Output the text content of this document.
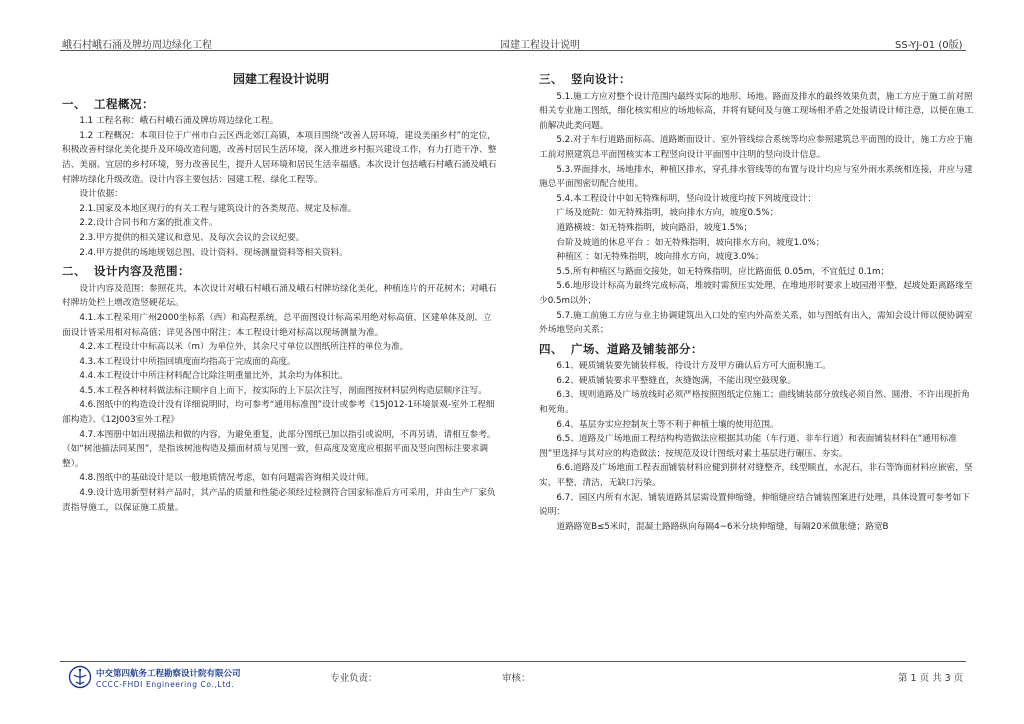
峨石村峨石涌及牌坊周边绿化工程	园建工程设计说明	SS-YJ-01 (0版)

园建工程设计说明

一、 工程概况：

1.1 工程名称：峨石村峨石涌及牌坊周边绿化工程。

1.2 工程概况：本项目位于广州市白云区西北郊江高镇，本项目围绕“改善人居环境，建设美丽乡村”的定位，积极改善村绿化美化提升及环境改造问题，改善村居民生活环境，深入推进乡村振兴建设工作，有力打造干净、整洁、美丽、宜居的乡村环境，努力改善民生，提升人居环境和居民生活幸福感。本次设计包括峨石村峨石涌及峨石村牌坊绿化升级改造。设计内容主要包括：园建工程、绿化工程等。

设计依据：

2.1.国家及本地区现行的有关工程与建筑设计的各类规范、规定及标准。

2.2.设计合同书和方案的批准文件。

2.3.甲方提供的相关建议和意见、及每次会议的会议纪要。

2.4.甲方提供的场地规划总图、设计资料、现场测量资料等相关资料。

二、 设计内容及范围：

设计内容及范围：参照花共，本次设计对峨石村峨石涌及峨石村牌坊绿化美化，种植连片的开花树木；对峨石村牌坊处栏上增改造竖硬花坛。

4.1.本工程采用广州2000坐标系（西）和高程系统，总平面图设计标高采用绝对标高值，区建单体及剖、立面设计皆采用相对标高值；详见各图中附注；本工程设计绝对标高以现场测量为准。

4.2.本工程设计中标高以米（m）为单位外，其余尺寸单位以图纸所注样的单位为准。

4.3.本工程设计中所指回填度面均指高于完成面的高度。

4.4.本工程设计中所注材料配合比除注明重量比外，其余均为体积比。

4.5.本工程各种材料做法标注顺序自上而下，按实际的上下层次注写，剖面图按材料层列构造层顺序注写。

4.6.图纸中的构造设计没有详细说明时，均可参考“通用标准图”设计或参考《15J012-1环境景观-室外工程细部构造》、《12J003室外工程》

4.7.本图册中如出现描法和做的内容，为避免重复，此部分图纸已加以指引或说明，不再另请，请相互参考。（如“树池描法同某图”，是指该树池构造及描面材质与见图一致，但高度及宽度应根据平面及竖向图标注要求调整）。

4.8.图纸中的基础设计是以一般地质情况考虑，如有问题需咨询相关设计师。

4.9.设计选用新型材料产品时，其产品的质量和性能必须经过检测符合国家标准后方可采用，并由生产厂家负责指导施工，以保证施工质量。

三、 竖向设计：

5.1.施工方应对整个设计范围内最终实际的地形、场地、路面及排水的最终效果负责，施工方应于施工前对照相关专业施工图纸，细化核实相应的场地标高，并将有疑问及与施工现场相矛盾之处报请设计师注意，以便在施工前解决此类问题。

5.2.对于车行道路面标高、道路断面设计、室外管线综合系统等均应参照建筑总平面图的设计，施工方应于施工前对照建筑总平面图核实本工程竖向设计平面图中注明的竖向设计信息。

5.3.界面排水，场地排水，种植区排水，穿孔排水管线等的布置与设计均应与室外雨水系统相连接，并应与建施总平面图密切配合使用。

5.4.本工程设计中如无特殊标明，竖向设计坡度均按下列坡度设计：

广场及庭院：如无特殊指明，坡向排水方向，坡度0.5%；

道路横坡：如无特殊指明，坡向路沿，坡度1.5%；

台阶及坡道的休息平台 ：如无特殊指明，坡向排水方向，坡度1.0%；

种植区 ：如无特殊指明，坡向排水方向，坡度3.0%；

5.5.所有种植区与路面交接处，如无特殊指明，应比路面低 0.05m，不宜低过 0.1m；

5.6.地形设计标高为最终完成标高，堆坡时需预压实处理，在堆地形时要求上坡园滑平整，起坡处距离路缘至少0.5m以外；

5.7.施工前施工方应与业主协调建筑出入口处的室内外高差关系，如与图纸有出入，需知会设计师以便协调室外场地竖向关系；

四、 广场、道路及铺装部分：

6.1、硬质铺装要先铺装样板，待设计方及甲方确认后方可大面积施工。

6.2、硬质铺装要求平整缝直，灰缝饱满，不能出现空鼓现象。

6.3、规则道路及广场放线时必须严格按照图纸定位施工；曲线铺装部分放线必须自然、圆滑、不许出现折角和死角。

6.4、基层夯实应控制灰土等不利于种植土壤的使用范围。

6.5、道路及广场地面工程结构构造做法应根据其功能（车行道、非车行道）和表面铺装材料在“通用标准图”里选择与其对应的构造做法；按规范及设计图纸对素土基层进行碾压、夯实。

6.6.道路及广场地面工程表面铺装材料应健到拼材对缝整齐，线型顺直，水泥石，非石等饰面材料应嵌密，坚实，平整，清洁，无缺口污染。

6.7、园区内所有水泥、铺装道路其层需设置伸缩缝，伸缩缝应结合铺装图案进行处理，具体设置可参考如下说明：

道路路宽B≤5米时，混凝土路路纵向每隔4~6米分块伸缩缝，每隔20米做胀缝；路宽B

中交第四航务工程勘察设计院有限公司
CCCC-FHDI Engineering Co.,Ltd.
专业负责：	审核：	第 1 页 共 3 页
